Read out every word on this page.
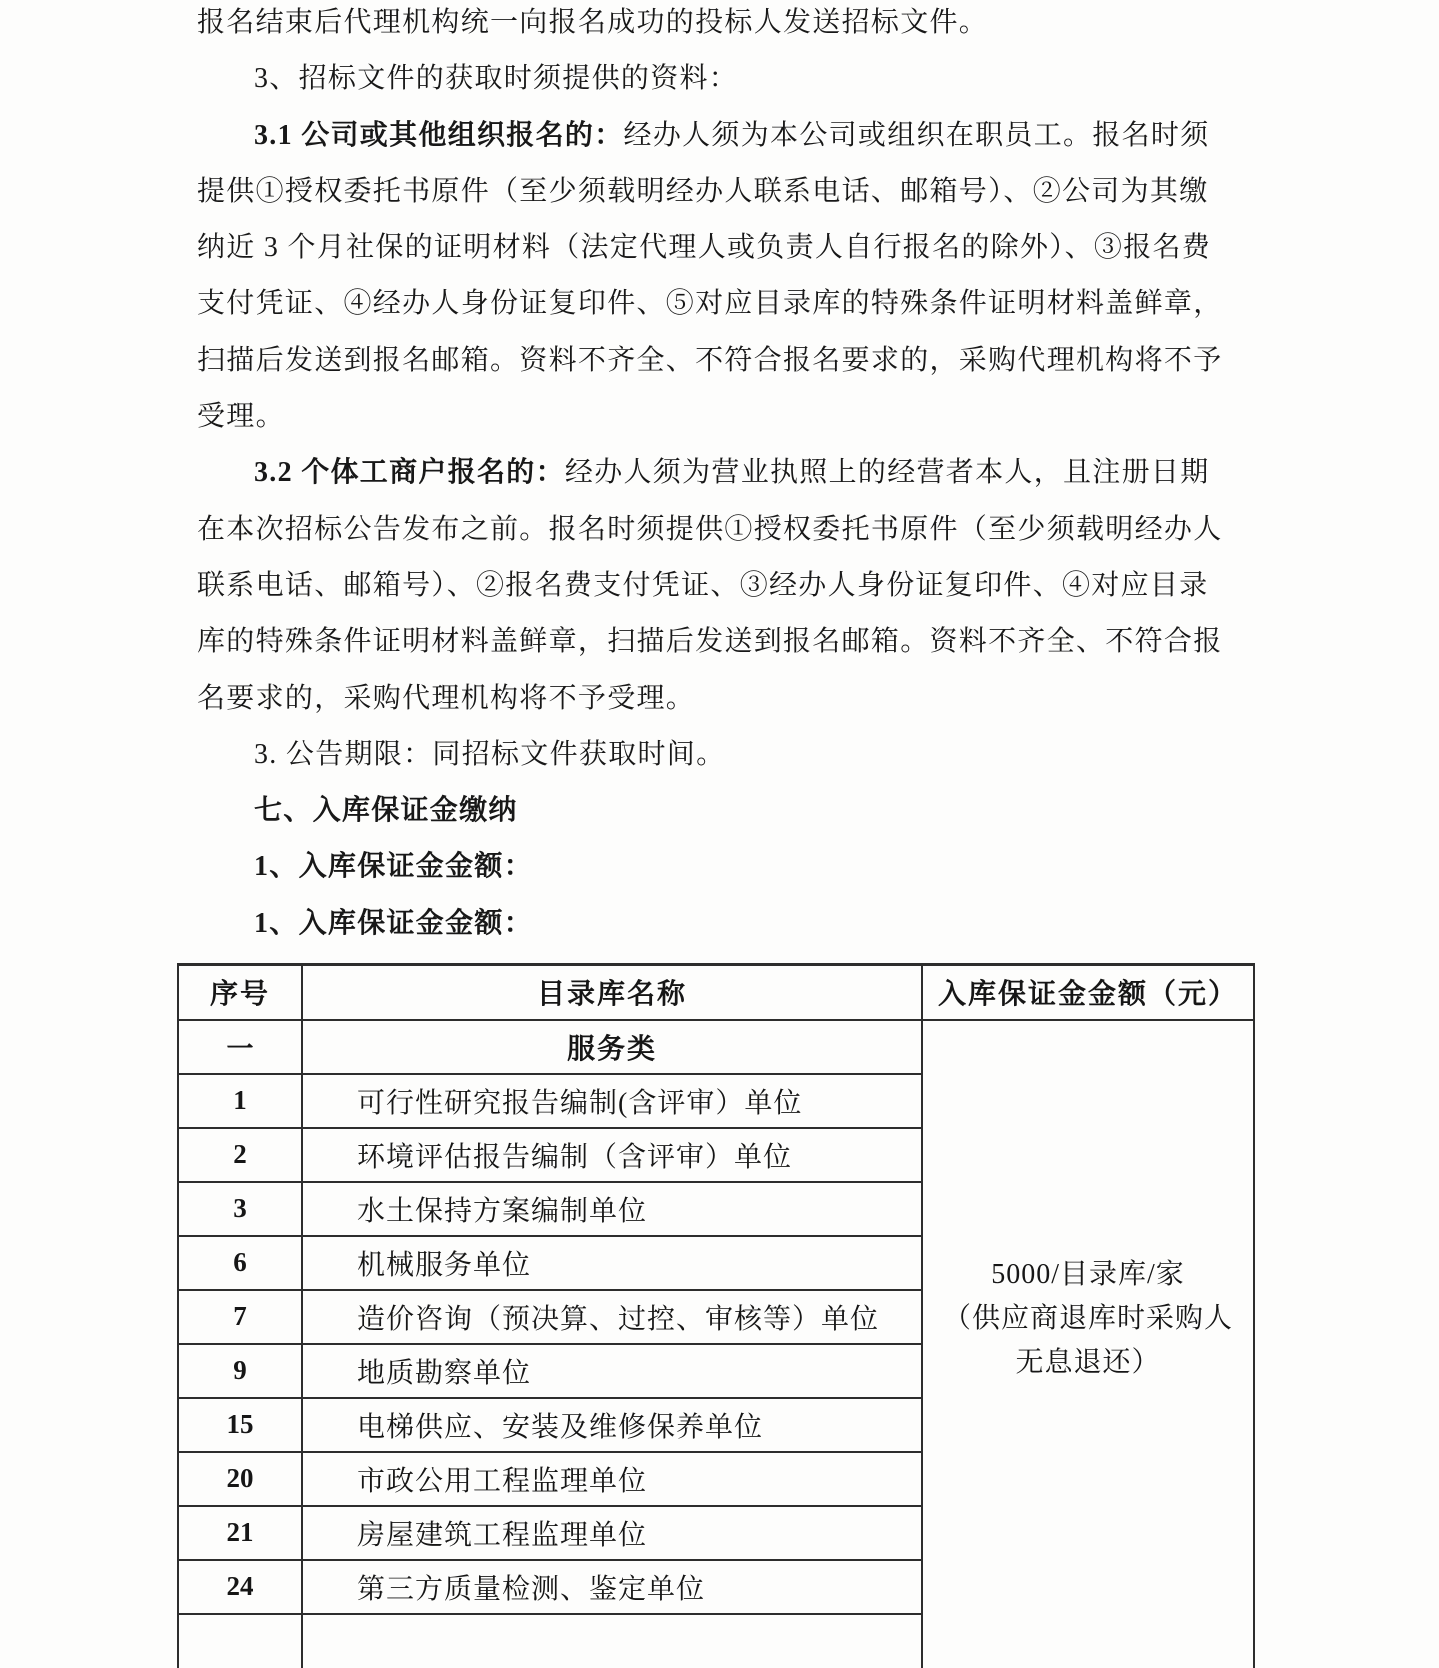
报名结束后代理机构统一向报名成功的投标人发送招标文件。
3、招标文件的获取时须提供的资料：
3.1 公司或其他组织报名的：经办人须为本公司或组织在职员工。报名时须
提供①授权委托书原件（至少须载明经办人联系电话、邮箱号）、②公司为其缴
纳近 3 个月社保的证明材料（法定代理人或负责人自行报名的除外）、③报名费
支付凭证、④经办人身份证复印件、⑤对应目录库的特殊条件证明材料盖鲜章，
扫描后发送到报名邮箱。资料不齐全、不符合报名要求的，采购代理机构将不予
受理。
3.2 个体工商户报名的：经办人须为营业执照上的经营者本人，且注册日期
在本次招标公告发布之前。报名时须提供①授权委托书原件（至少须载明经办人
联系电话、邮箱号）、②报名费支付凭证、③经办人身份证复印件、④对应目录
库的特殊条件证明材料盖鲜章，扫描后发送到报名邮箱。资料不齐全、不符合报
名要求的，采购代理机构将不予受理。
3. 公告期限：同招标文件获取时间。
七、入库保证金缴纳
1、入库保证金金额：
1、入库保证金金额：
序号	目录库名称	入库保证金金额（元）
一	服务类	5000/目录库/家
（供应商退库时采购人
无息退还）

1	可行性研究报告编制(含评审）单位	
2	环境评估报告编制（含评审）单位	
3	水土保持方案编制单位	
6	机械服务单位	
7	造价咨询（预决算、过控、审核等）单位	
9	地质勘察单位	
15	电梯供应、安装及维修保养单位	
20	市政公用工程监理单位	
21	房屋建筑工程监理单位	
24	第三方质量检测、鉴定单位	
